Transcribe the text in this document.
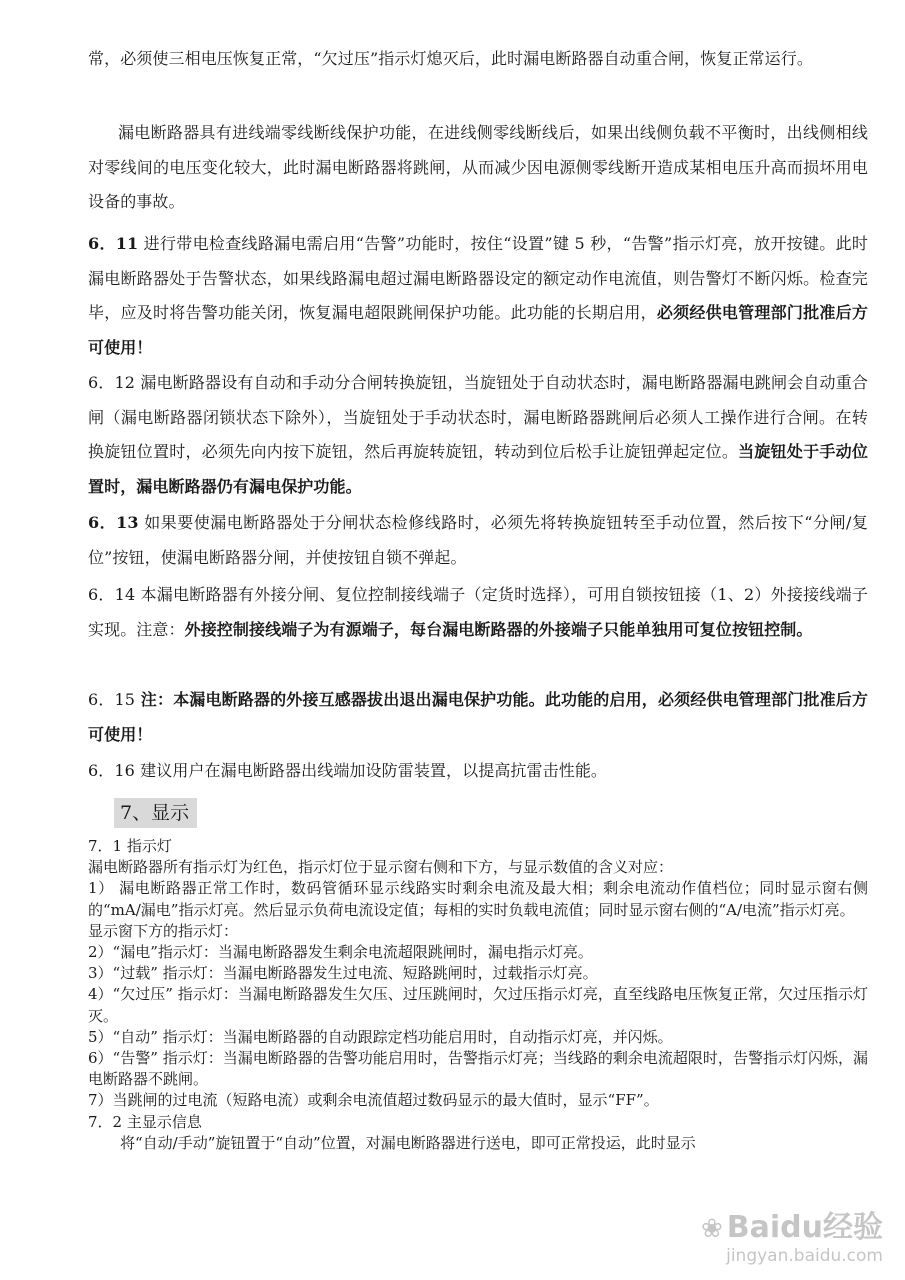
常，必须使三相电压恢复正常，“欠过压”指示灯熄灭后，此时漏电断路器自动重合闸，恢复正常运行。
漏电断路器具有进线端零线断线保护功能，在进线侧零线断线后，如果出线侧负载不平衡时，出线侧相线对零线间的电压变化较大，此时漏电断路器将跳闸，从而减少因电源侧零线断开造成某相电压升高而损坏用电设备的事故。
6．11 进行带电检查线路漏电需启用“告警”功能时，按住“设置”键 5 秒，“告警”指示灯亮，放开按键。此时漏电断路器处于告警状态，如果线路漏电超过漏电断路器设定的额定动作电流值，则告警灯不断闪烁。检查完毕，应及时将告警功能关闭，恢复漏电超限跳闸保护功能。此功能的长期启用，必须经供电管理部门批准后方可使用！
6．12 漏电断路器设有自动和手动分合闸转换旋钮，当旋钮处于自动状态时，漏电断路器漏电跳闸会自动重合闸（漏电断路器闭锁状态下除外），当旋钮处于手动状态时，漏电断路器跳闸后必须人工操作进行合闸。在转换旋钮位置时，必须先向内按下旋钮，然后再旋转旋钮，转动到位后松手让旋钮弹起定位。当旋钮处于手动位置时，漏电断路器仍有漏电保护功能。
6．13 如果要使漏电断路器处于分闸状态检修线路时，必须先将转换旋钮转至手动位置，然后按下“分闸/复位”按钮，使漏电断路器分闸，并使按钮自锁不弹起。
6．14 本漏电断路器有外接分闸、复位控制接线端子（定货时选择），可用自锁按钮接（1、2）外接接线端子实现。注意：外接控制接线端子为有源端子，每台漏电断路器的外接端子只能单独用可复位按钮控制。
6．15 注：本漏电断路器的外接互感器拔出退出漏电保护功能。此功能的启用，必须经供电管理部门批准后方可使用！
6．16 建议用户在漏电断路器出线端加设防雷装置，以提高抗雷击性能。
7、显示
7．1 指示灯
漏电断路器所有指示灯为红色，指示灯位于显示窗右侧和下方，与显示数值的含义对应：
1） 漏电断路器正常工作时，数码管循环显示线路实时剩余电流及最大相；剩余电流动作值档位；同时显示窗右侧的“mA/漏电”指示灯亮。然后显示负荷电流设定值；每相的实时负载电流值；同时显示窗右侧的“A/电流”指示灯亮。
显示窗下方的指示灯：
2）“漏电”指示灯：当漏电断路器发生剩余电流超限跳闸时，漏电指示灯亮。
3）“过载” 指示灯：当漏电断路器发生过电流、短路跳闸时，过载指示灯亮。
4）“欠过压” 指示灯：当漏电断路器发生欠压、过压跳闸时，欠过压指示灯亮，直至线路电压恢复正常，欠过压指示灯灭。
5）“自动” 指示灯：当漏电断路器的自动跟踪定档功能启用时，自动指示灯亮，并闪烁。
6）“告警” 指示灯：当漏电断路器的告警功能启用时，告警指示灯亮；当线路的剩余电流超限时，告警指示灯闪烁，漏电断路器不跳闸。
7）当跳闸的过电流（短路电流）或剩余电流值超过数码显示的最大值时，显示“FF”。
7．2 主显示信息
将“自动/手动”旋钮置于“自动”位置，对漏电断路器进行送电，即可正常投运，此时显示
❀ Baidu经验
jingyan.baidu.com
